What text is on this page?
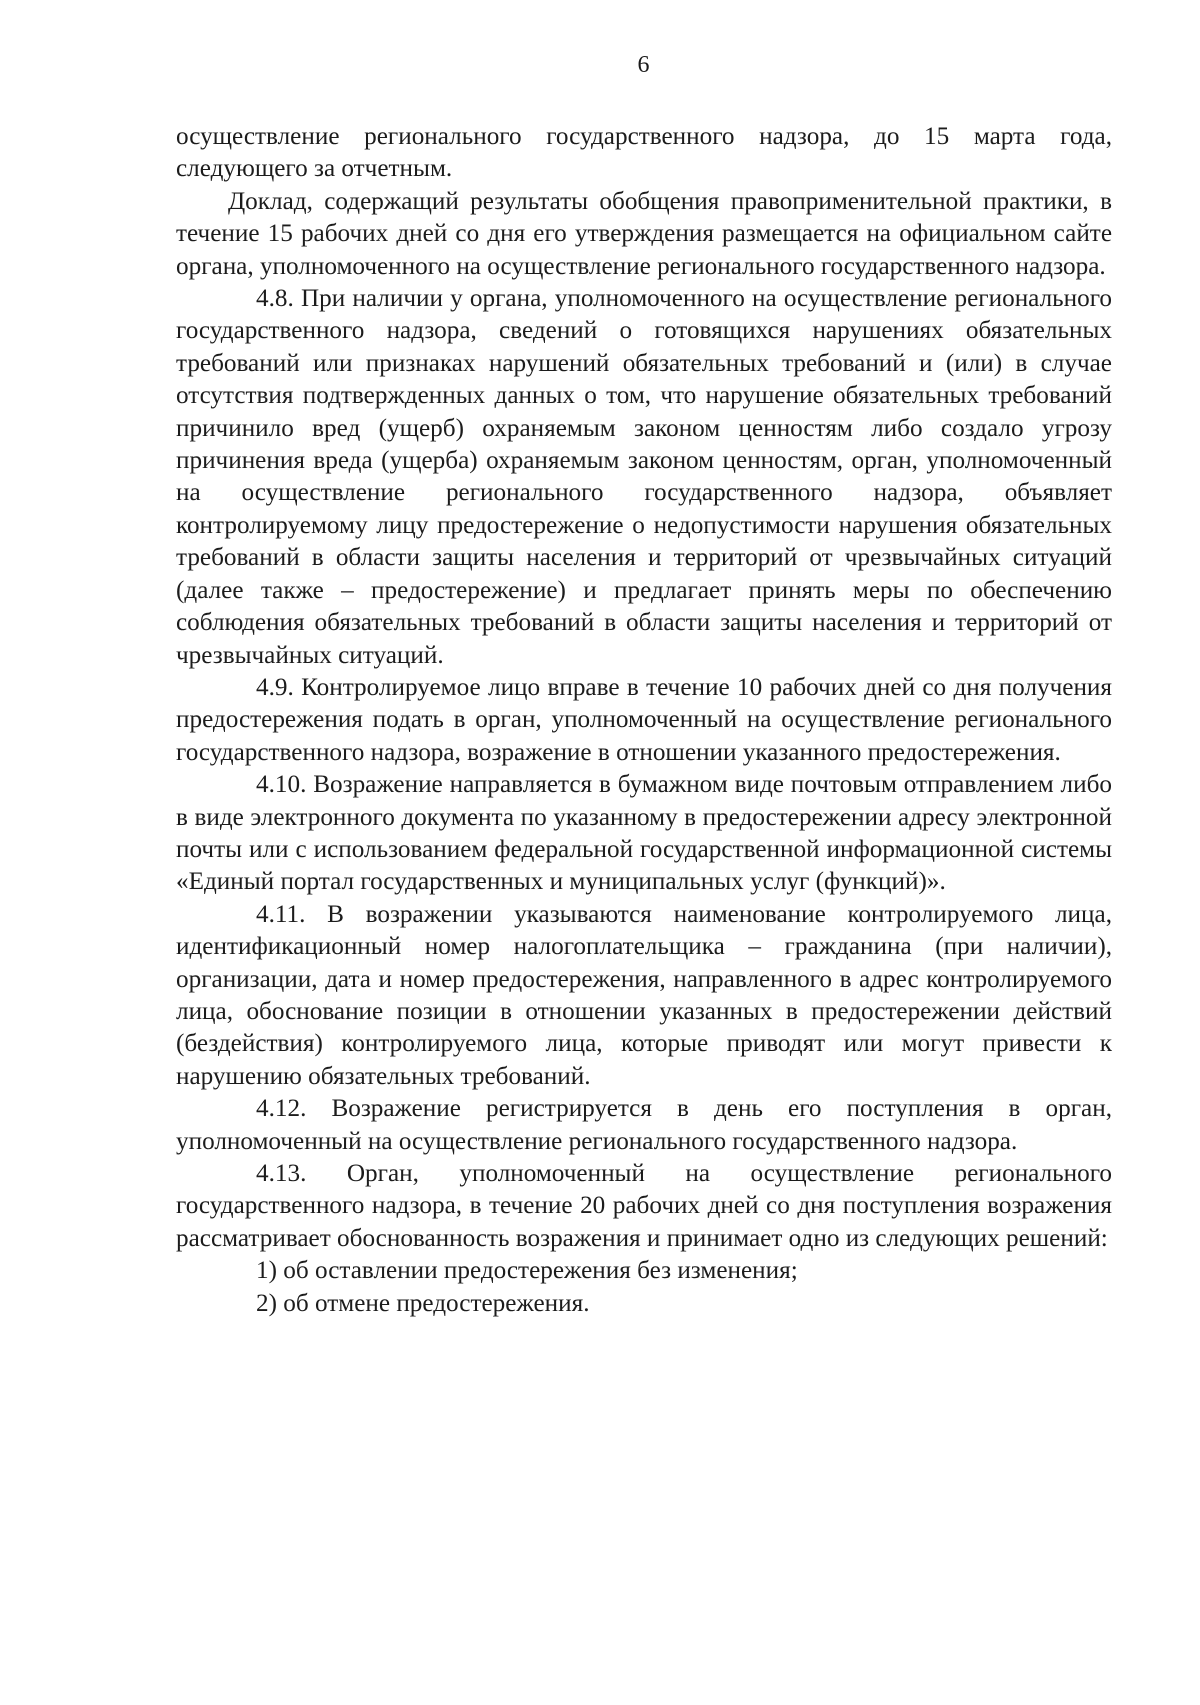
6

осуществление регионального государственного надзора, до 15 марта года, следующего за отчетным.

Доклад, содержащий результаты обобщения правоприменительной практики, в течение 15 рабочих дней со дня его утверждения размещается на официальном сайте органа, уполномоченного на осуществление регионального государственного надзора.

4.8. При наличии у органа, уполномоченного на осуществление регионального государственного надзора, сведений о готовящихся нарушениях обязательных требований или признаках нарушений обязательных требований и (или) в случае отсутствия подтвержденных данных о том, что нарушение обязательных требований причинило вред (ущерб) охраняемым законом ценностям либо создало угрозу причинения вреда (ущерба) охраняемым законом ценностям, орган, уполномоченный на осуществление регионального государственного надзора, объявляет контролируемому лицу предостережение о недопустимости нарушения обязательных требований в области защиты населения и территорий от чрезвычайных ситуаций (далее также – предостережение) и предлагает принять меры по обеспечению соблюдения обязательных требований в области защиты населения и территорий от чрезвычайных ситуаций.

4.9. Контролируемое лицо вправе в течение 10 рабочих дней со дня получения предостережения подать в орган, уполномоченный на осуществление регионального государственного надзора, возражение в отношении указанного предостережения.

4.10. Возражение направляется в бумажном виде почтовым отправлением либо в виде электронного документа по указанному в предостережении адресу электронной почты или с использованием федеральной государственной информационной системы «Единый портал государственных и муниципальных услуг (функций)».

4.11. В возражении указываются наименование контролируемого лица, идентификационный номер налогоплательщика – гражданина (при наличии), организации, дата и номер предостережения, направленного в адрес контролируемого лица, обоснование позиции в отношении указанных в предостережении действий (бездействия) контролируемого лица, которые приводят или могут привести к нарушению обязательных требований.

4.12. Возражение регистрируется в день его поступления в орган, уполномоченный на осуществление регионального государственного надзора.

4.13. Орган, уполномоченный на осуществление регионального государственного надзора, в течение 20 рабочих дней со дня поступления возражения рассматривает обоснованность возражения и принимает одно из следующих решений:

1) об оставлении предостережения без изменения;

2) об отмене предостережения.
